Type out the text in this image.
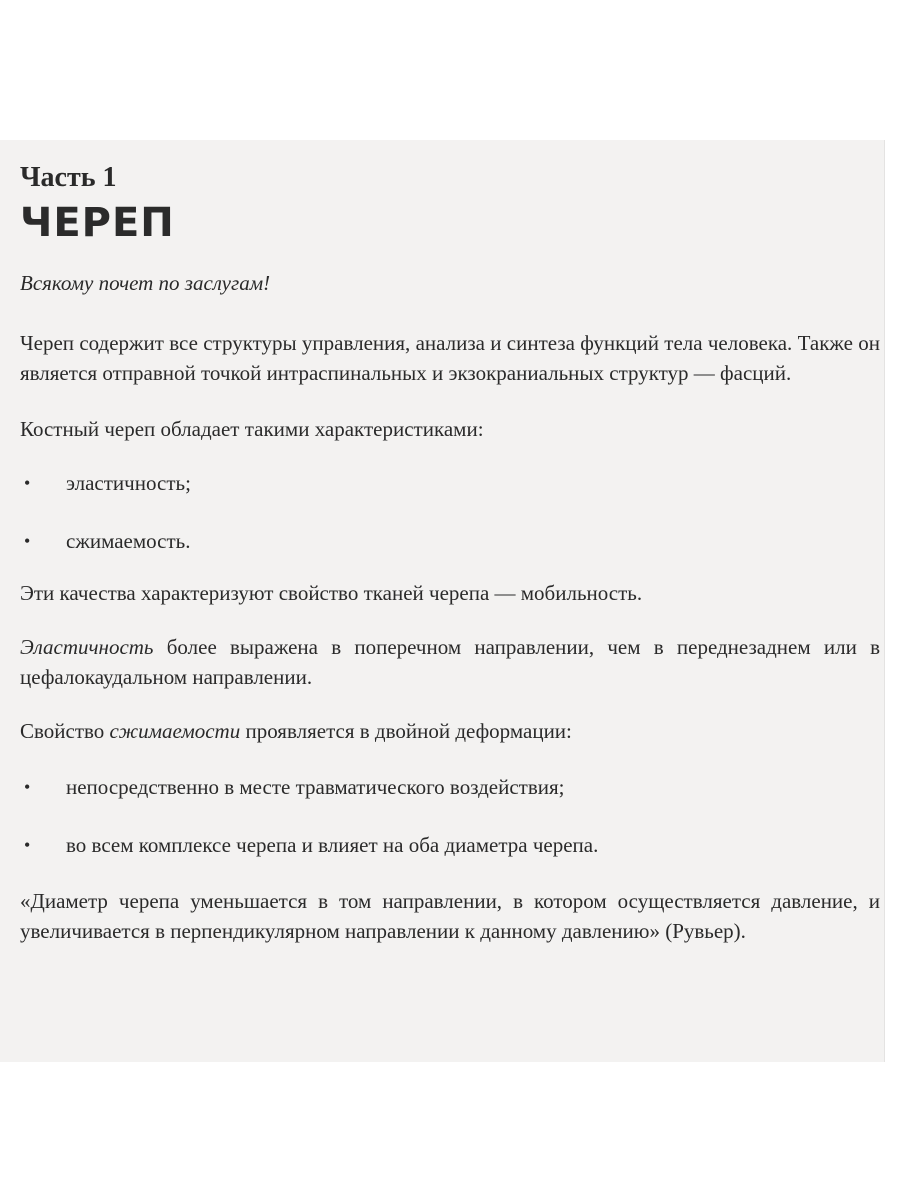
Часть 1
ЧЕРЕП

Всякому почет по заслугам!

Череп содержит все структуры управления, анализа и синтеза функций тела человека. Также он является отправной точкой интраспинальных и экзокраниальных структур — фасций.

Костный череп обладает такими характеристиками:

• эластичность;
• сжимаемость.

Эти качества характеризуют свойство тканей черепа — мобильность.

Эластичность более выражена в поперечном направлении, чем в переднезаднем или в цефалокаудальном направлении.

Свойство сжимаемости проявляется в двойной деформации:

• непосредственно в месте травматического воздействия;
• во всем комплексе черепа и влияет на оба диаметра черепа.

«Диаметр черепа уменьшается в том направлении, в котором осуществляется давление, и увеличивается в перпендикулярном направлении к данному давлению» (Рувьер).
